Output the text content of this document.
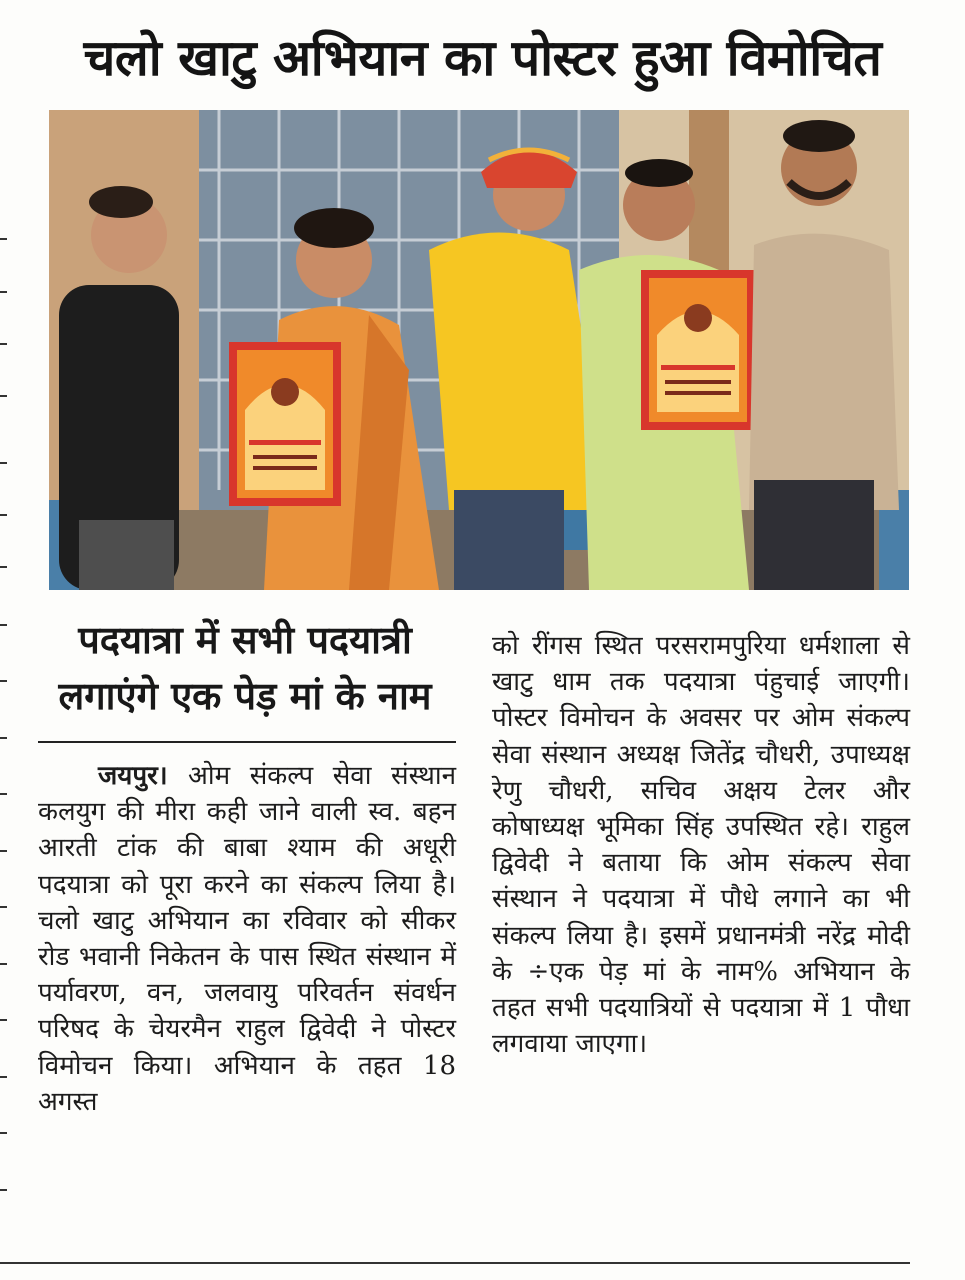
चलो खाटु अभियान का पोस्टर हुआ विमोचित
पदयात्रा में सभी पदयात्री
लगाएंगे एक पेड़ मां के नाम

जयपुर। ओम संकल्प सेवा संस्थान कलयुग की मीरा कही जाने वाली स्व. बहन आरती टांक की बाबा श्याम की अधूरी पदयात्रा को पूरा करने का संकल्प लिया है। चलो खाटु अभियान का रविवार को सीकर रोड भवानी निकेतन के पास स्थित संस्थान में पर्यावरण, वन, जलवायु परिवर्तन संवर्धन परिषद के चेयरमैन राहुल द्विवेदी ने पोस्टर विमोचन किया। अभियान के तहत 18 अगस्त

को रींगस स्थित परसरामपुरिया धर्मशाला से खाटु धाम तक पदयात्रा पंहुचाई जाएगी। पोस्टर विमोचन के अवसर पर ओम संकल्प सेवा संस्थान अध्यक्ष जितेंद्र चौधरी, उपाध्यक्ष रेणु चौधरी, सचिव अक्षय टेलर और कोषाध्यक्ष भूमिका सिंह उपस्थित रहे। राहुल द्विवेदी ने बताया कि ओम संकल्प सेवा संस्थान ने पदयात्रा में पौधे लगाने का भी संकल्प लिया है। इसमें प्रधानमंत्री नरेंद्र मोदी के ÷एक पेड़ मां के नाम% अभियान के तहत सभी पदयात्रियों से पदयात्रा में 1 पौधा लगवाया जाएगा।
